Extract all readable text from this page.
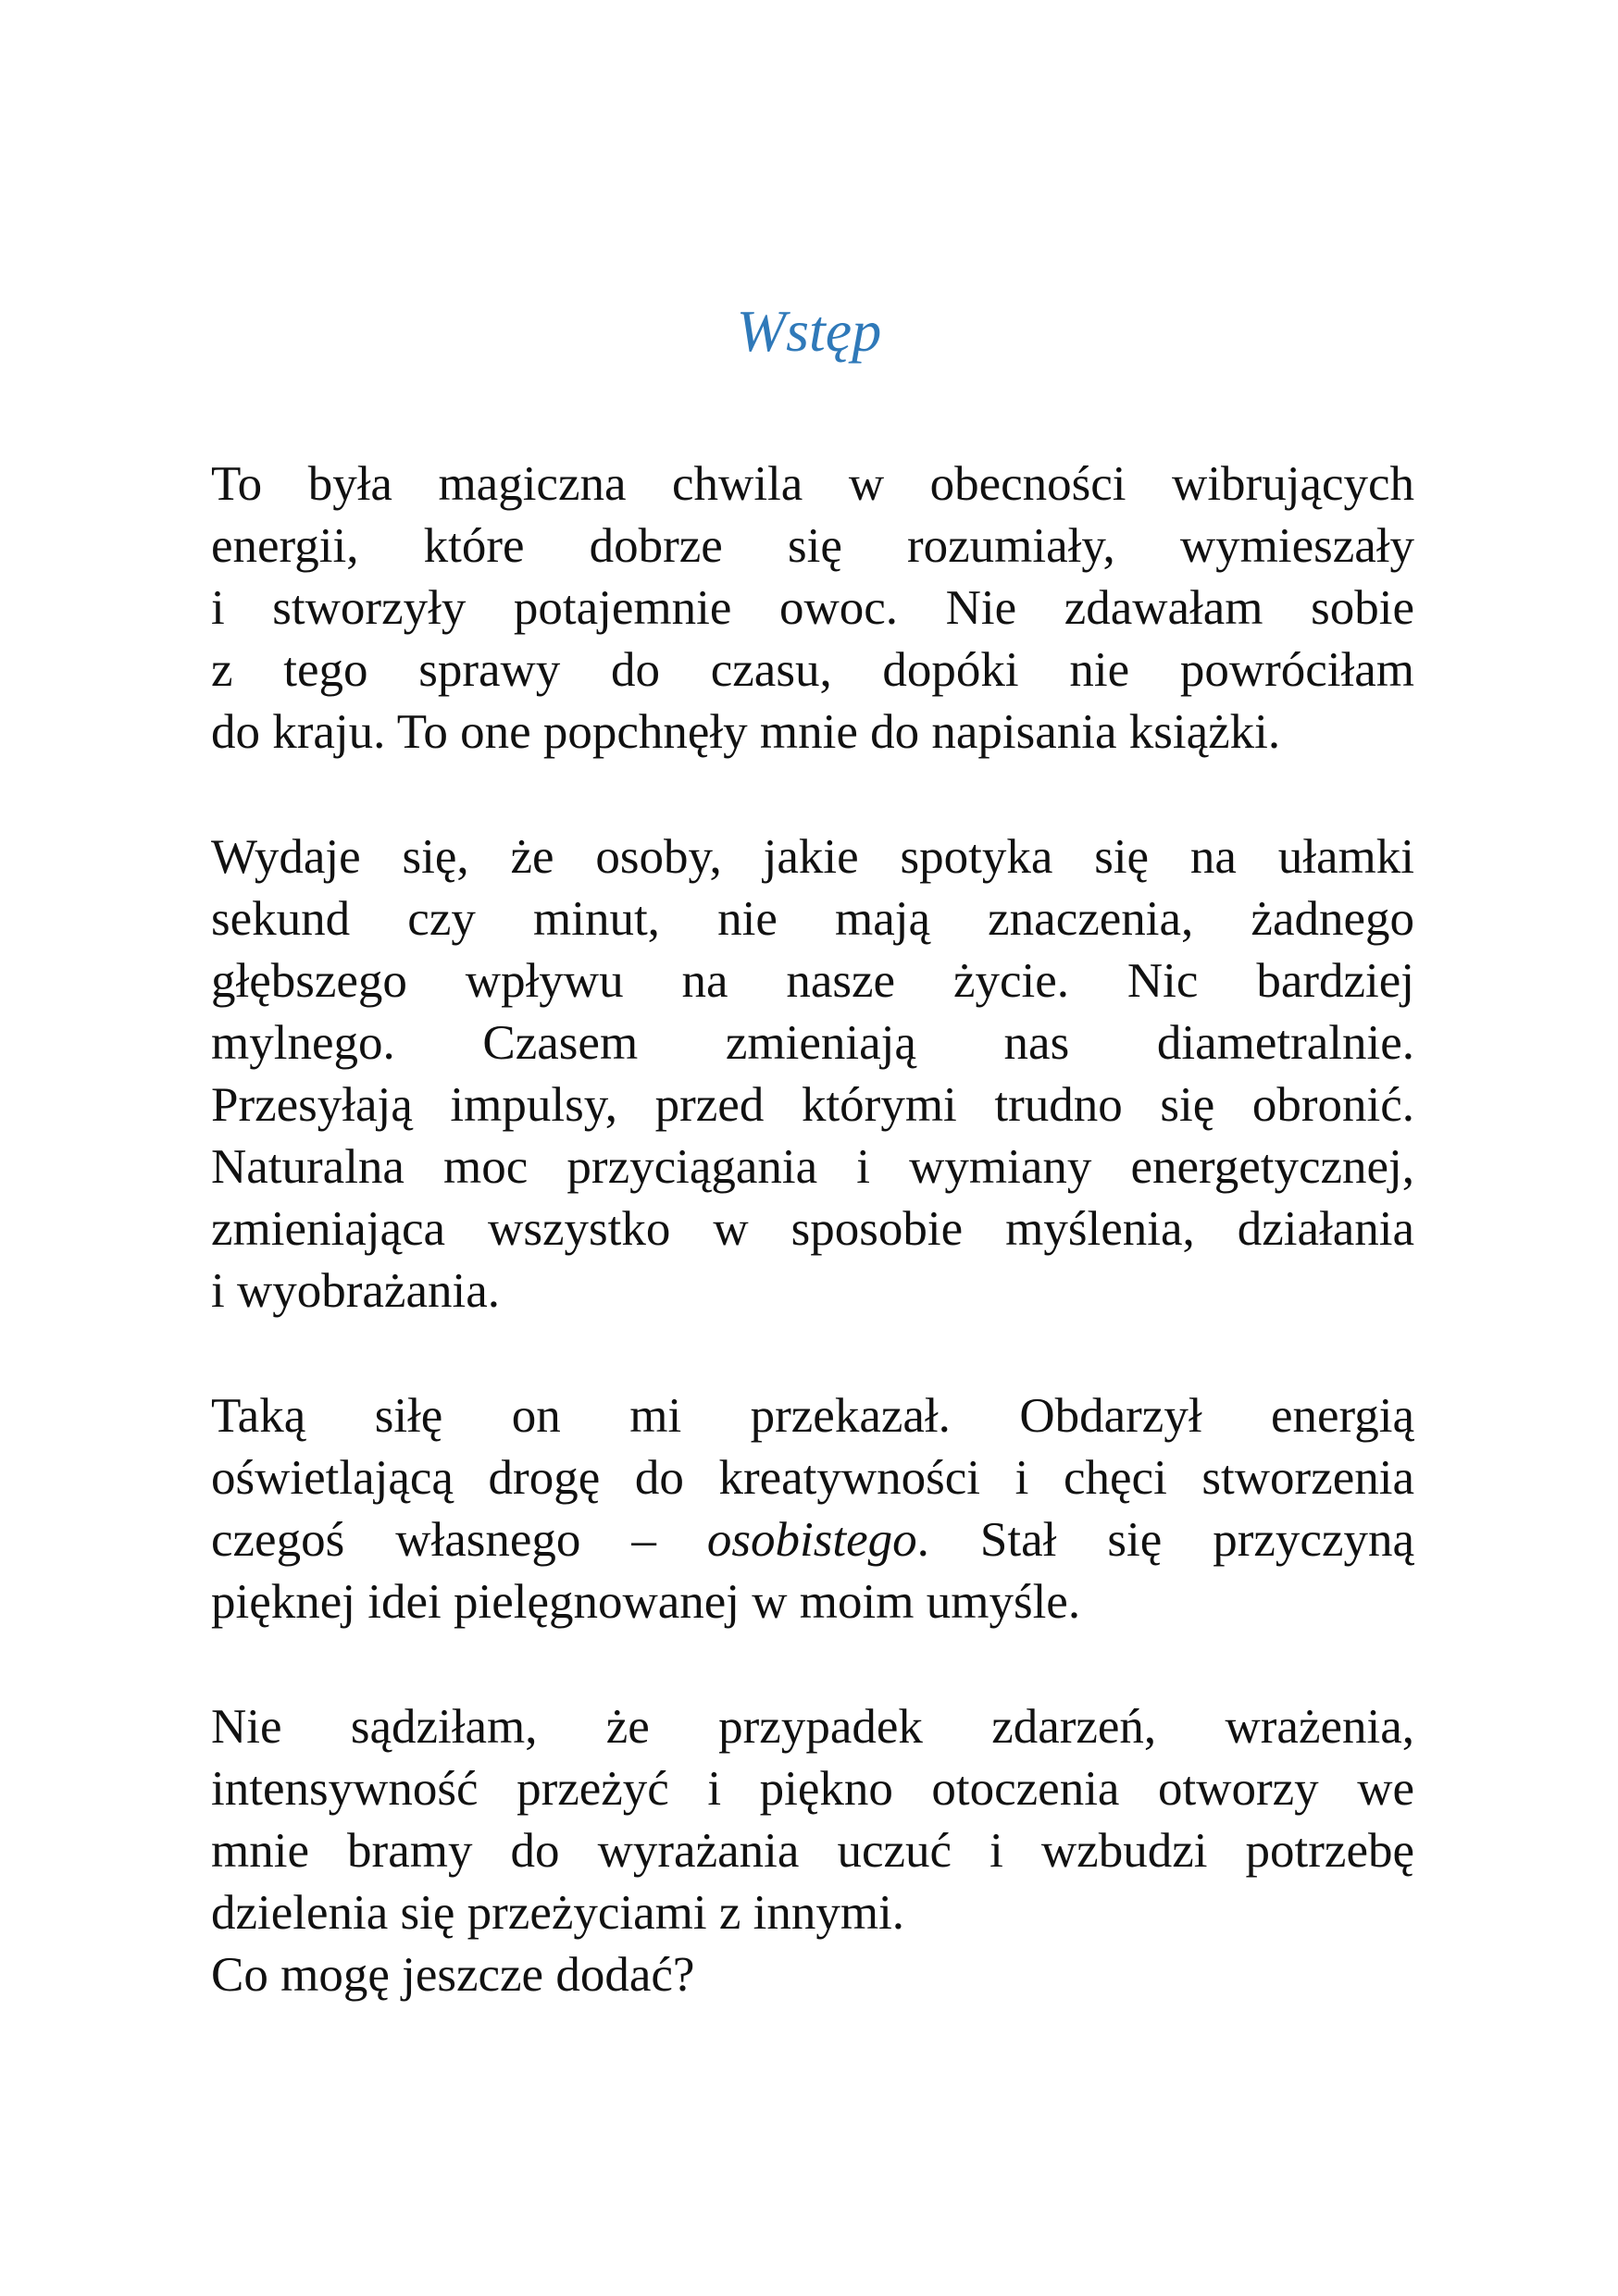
Wstęp

To była magiczna chwila w obecności wibrujących
energii, które dobrze się rozumiały, wymieszały
i stworzyły potajemnie owoc. Nie zdawałam sobie
z tego sprawy do czasu, dopóki nie powróciłam
do kraju. To one popchnęły mnie do napisania książki.

Wydaje się, że osoby, jakie spotyka się na ułamki
sekund czy minut, nie mają znaczenia, żadnego
głębszego wpływu na nasze życie. Nic bardziej
mylnego. Czasem zmieniają nas diametralnie.
Przesyłają impulsy, przed którymi trudno się obronić.
Naturalna moc przyciągania i wymiany energetycznej,
zmieniająca wszystko w sposobie myślenia, działania
i wyobrażania.

Taką siłę on mi przekazał. Obdarzył energią
oświetlającą drogę do kreatywności i chęci stworzenia
czegoś własnego – osobistego. Stał się przyczyną
pięknej idei pielęgnowanej w moim umyśle.

Nie sądziłam, że przypadek zdarzeń, wrażenia,
intensywność przeżyć i piękno otoczenia otworzy we
mnie bramy do wyrażania uczuć i wzbudzi potrzebę
dzielenia się przeżyciami z innymi.

Co mogę jeszcze dodać?
